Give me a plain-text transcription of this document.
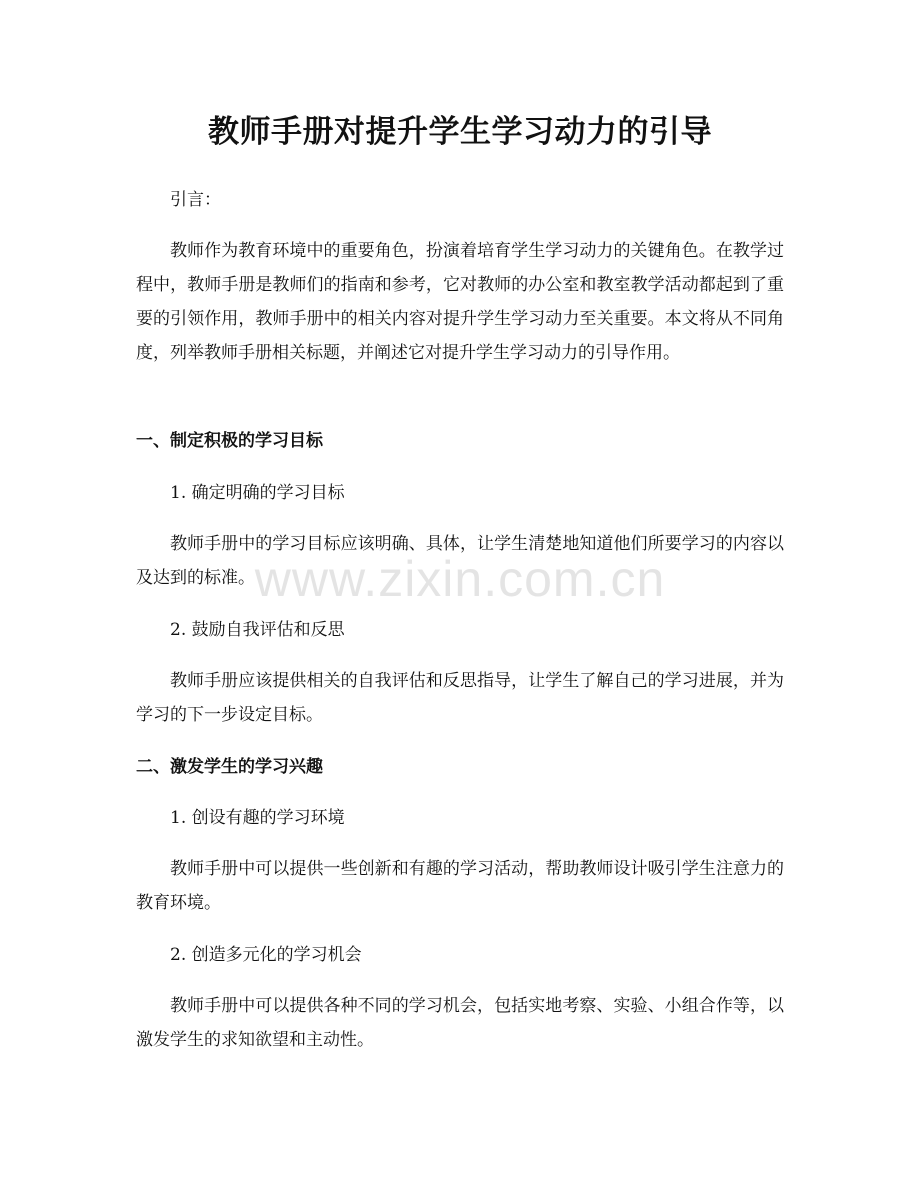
教师手册对提升学生学习动力的引导

引言：

教师作为教育环境中的重要角色，扮演着培育学生学习动力的关键角色。在教学过程中，教师手册是教师们的指南和参考，它对教师的办公室和教室教学活动都起到了重要的引领作用，教师手册中的相关内容对提升学生学习动力至关重要。本文将从不同角度，列举教师手册相关标题，并阐述它对提升学生学习动力的引导作用。

一、制定积极的学习目标

1. 确定明确的学习目标

教师手册中的学习目标应该明确、具体，让学生清楚地知道他们所要学习的内容以及达到的标准。

2. 鼓励自我评估和反思

教师手册应该提供相关的自我评估和反思指导，让学生了解自己的学习进展，并为学习的下一步设定目标。

二、激发学生的学习兴趣

1. 创设有趣的学习环境

教师手册中可以提供一些创新和有趣的学习活动，帮助教师设计吸引学生注意力的教育环境。

2. 创造多元化的学习机会

教师手册中可以提供各种不同的学习机会，包括实地考察、实验、小组合作等，以激发学生的求知欲望和主动性。

www.zixin.com.cn
